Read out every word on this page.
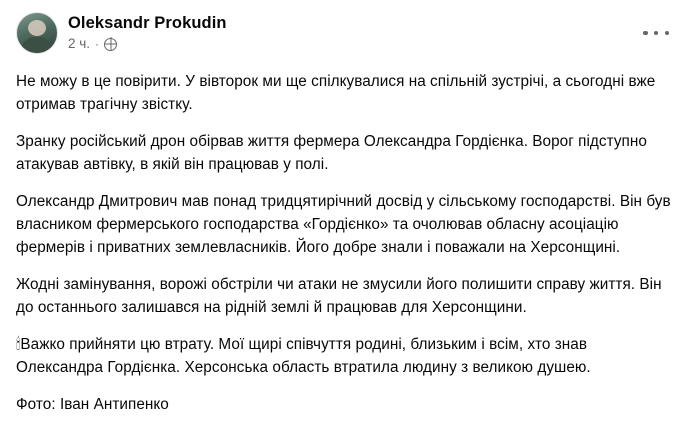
Oleksandr Prokudin
2 ч. ·

Не можу в це повірити. У вівторок ми ще спілкувалися на спільній зустрічі, а сьогодні вже отримав трагічну звістку.

Зранку російський дрон обірвав життя фермера Олександра Гордієнка. Ворог підступно атакував автівку, в якій він працював у полі.

Олександр Дмитрович мав понад тридцятирічний досвід у сільському господарстві. Він був власником фермерського господарства «Гордієнко» та очолював обласну асоціацію фермерів і приватних землевласників. Його добре знали і поважали на Херсонщині.

Жодні замінування, ворожі обстріли чи атаки не змусили його полишити справу життя. Він до останнього залишався на рідній землі й працював для Херсонщини.

🕯Важко прийняти цю втрату. Мої щирі співчуття родині, близьким і всім, хто знав Олександра Гордієнка. Херсонська область втратила людину з великою душею.

Фото: Іван Антипенко
